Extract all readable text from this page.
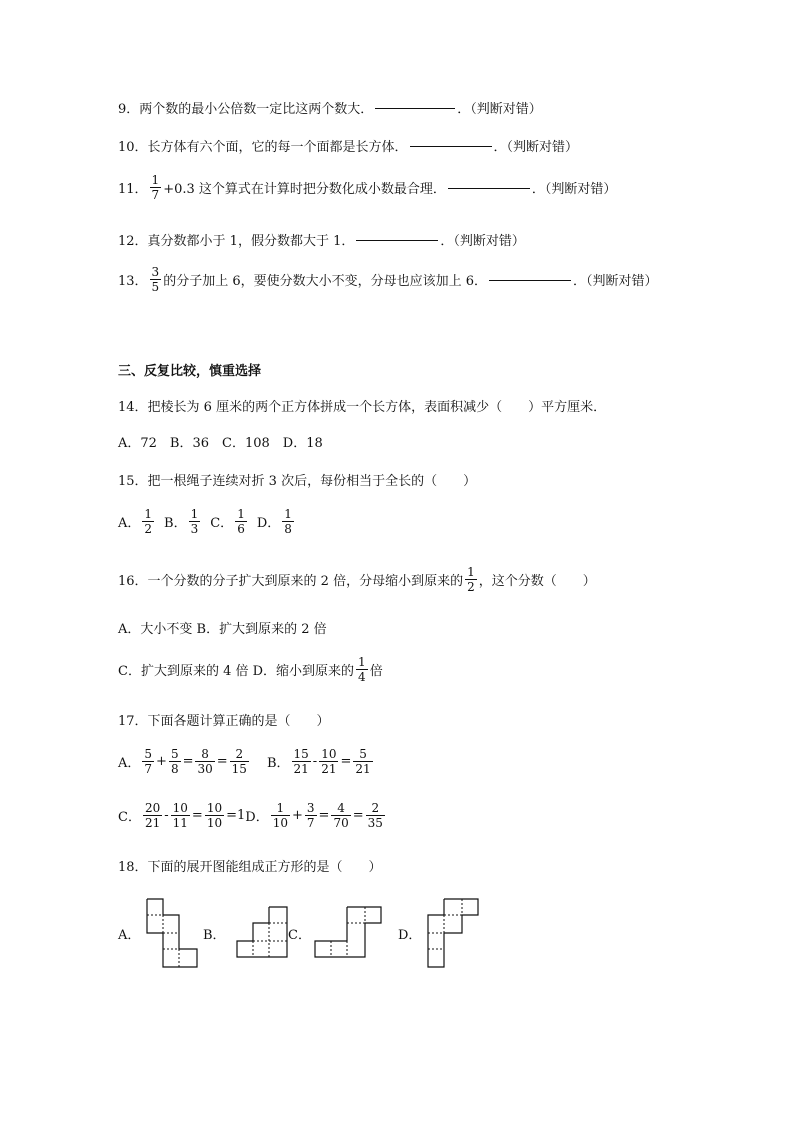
9．两个数的最小公倍数一定比这两个数大．	．（判断对错）
10．长方体有六个面，它的每一个面都是长方体．	．（判断对错）
11． $\frac{1}{7} +0.3$ 这个算式在计算时把分数化成小数最合理．	．（判断对错）
12．真分数都小于 1，假分数都大于 1．	．（判断对错）
13． $\frac{3}{5}$ 的分子加上 6，要使分数大小不变，分母也应该加上 6．	．（判断对错）
三、反复比较，慎重选择
14．把棱长为 6 厘米的两个正方体拼成一个长方体，表面积减少（　　）平方厘米．
A．72　B．36　C．108　D．18
15．把一根绳子连续对折 3 次后，每份相当于全长的（　　）
A． $\frac{1}{2}$ B． $\frac{1}{3}$ C． $\frac{1}{6}$ D． $\frac{1}{8}$
16．一个分数的分子扩大到原来的 2 倍，分母缩小到原来的 $\frac{1}{2}$ ，这个分数（　　）
A．大小不变 B．扩大到原来的 2 倍
C．扩大到原来的 4 倍 D．缩小到原来的 $\frac{1}{4}$ 倍
17．下面各题计算正确的是（　　）
A． $\frac{5}{7} + \frac{5}{8} = \frac{8}{30} = \frac{2}{15}$ B． $\frac{15}{21} - \frac{10}{21} = \frac{5}{21}$
C． $\frac{20}{21} - \frac{10}{11} = \frac{10}{10} =1$ D． $\frac{1}{10} + \frac{3}{7} = \frac{4}{70} = \frac{2}{35}$
18．下面的展开图能组成正方形的是（　　）
A．	B．	C．	D．
